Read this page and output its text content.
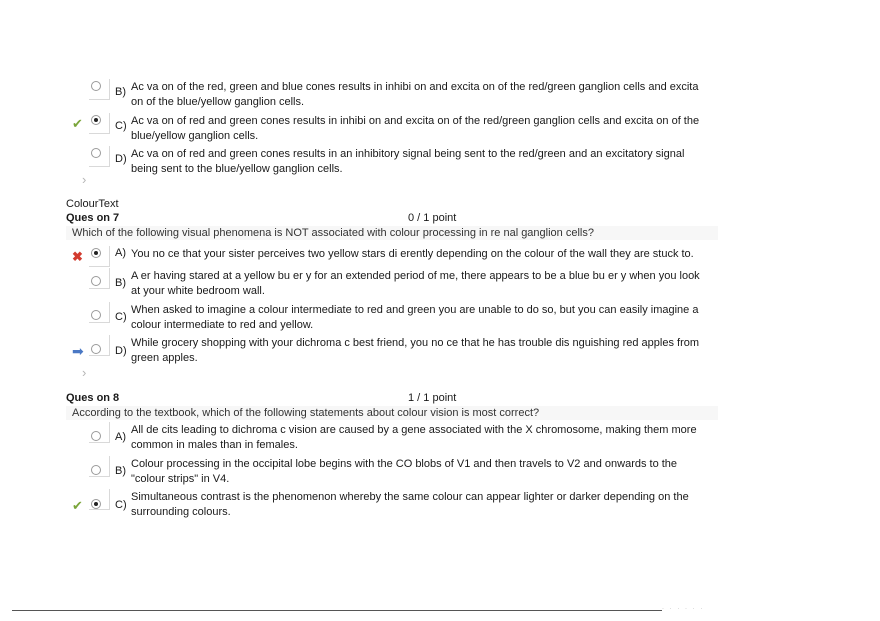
B) Ac va on of the red, green and blue cones results in inhibi on and excita on of the red/green ganglion cells and excita on of the blue/yellow ganglion cells.
✔	C) Ac va on of red and green cones results in inhibi on and excita on of the red/green ganglion cells and excita on of the blue/yellow ganglion cells.
D) Ac va on of red and green cones results in an inhibitory signal being sent to the red/green and an excitatory signal being sent to the blue/yellow ganglion cells.
›
ColourText
Ques on 7	0 / 1 point
Which of the following visual phenomena is NOT associated with colour processing in re nal ganglion cells?
✖	A) You no ce that your sister perceives two yellow stars di erently depending on the colour of the wall they are stuck to.
B)
A er having stared at a yellow bu er y for an extended period of me, there appears to be a blue bu er y when you look at your white bedroom wall.
C)
When asked to imagine a colour intermediate to red and green you are unable to do so, but you can easily imagine a colour intermediate to red and yellow.
➡	D)
While grocery shopping with your dichroma c best friend, you no ce that he has trouble dis nguishing red apples from green apples.
›
Ques on 8	1 / 1 point
According to the textbook, which of the following statements about colour vision is most correct?
A)
All de cits leading to dichroma c vision are caused by a gene associated with the X chromosome, making them more common in males than in females.
B)
Colour processing in the occipital lobe begins with the CO blobs of V1 and then travels to V2 and onwards to the "colour strips" in V4.
✔	C)
Simultaneous contrast is the phenomenon whereby the same colour can appear lighter or darker depending on the surrounding colours.
· · · · · ·
